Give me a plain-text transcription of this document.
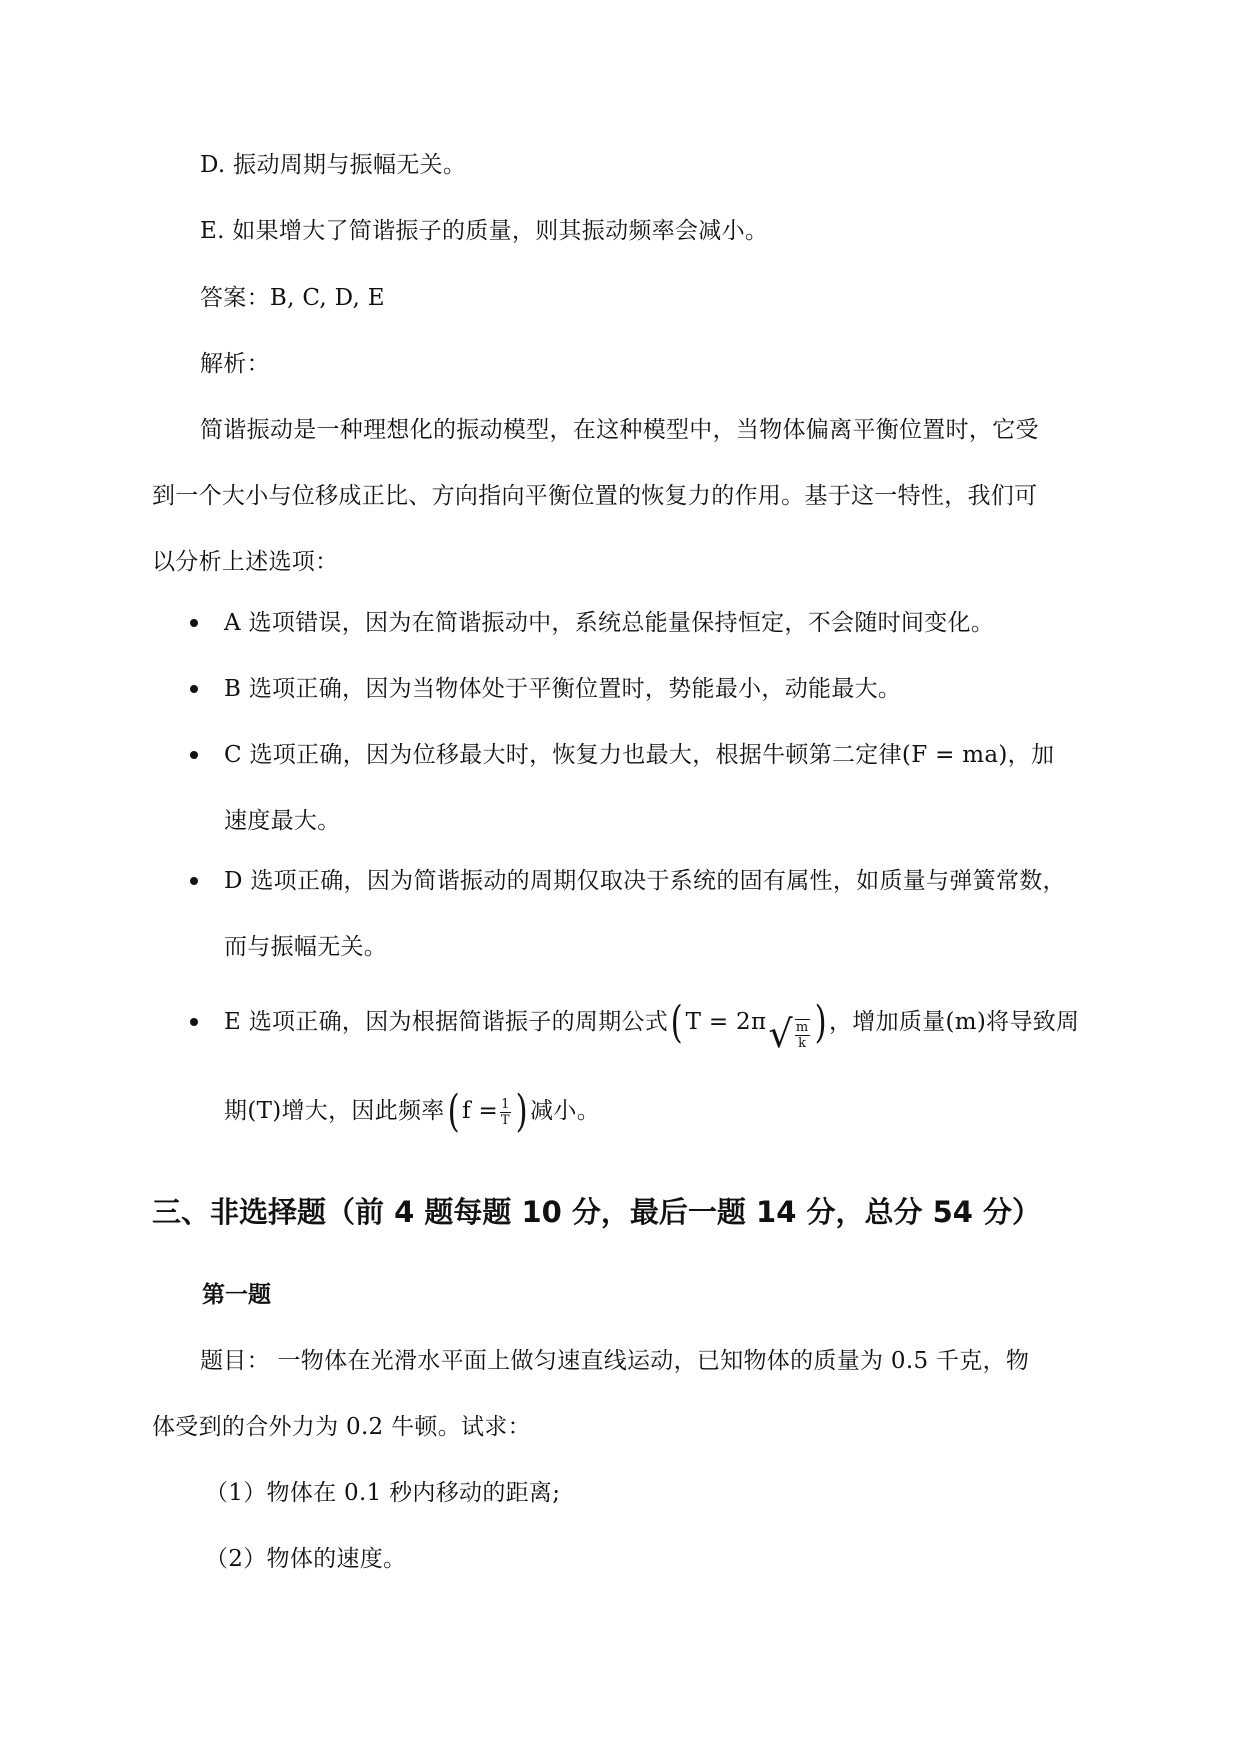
D. 振动周期与振幅无关。
E. 如果增大了简谐振子的质量，则其振动频率会减小。
答案：B, C, D, E
解析：
简谐振动是一种理想化的振动模型，在这种模型中，当物体偏离平衡位置时，它受
到一个大小与位移成正比、方向指向平衡位置的恢复力的作用。基于这一特性，我们可
以分析上述选项：
A 选项错误，因为在简谐振动中，系统总能量保持恒定，不会随时间变化。
B 选项正确，因为当物体处于平衡位置时，势能最小，动能最大。
C 选项正确，因为位移最大时，恢复力也最大，根据牛顿第二定律(F = ma)，加
速度最大。
D 选项正确，因为简谐振动的周期仅取决于系统的固有属性，如质量与弹簧常数，
而与振幅无关。
E 选项正确，因为根据简谐振子的周期公式( $T = 2\pi√ \frac{m}{k}$ ) ，增加质量(m)将导致周
期(T)增大，因此频率( $f = \frac{1}{T}$ ) 减小。
三、非选择题（前 4 题每题 10 分，最后一题 14 分，总分 54 分）
第一题
题目： 一物体在光滑水平面上做匀速直线运动，已知物体的质量为 0.5 千克，物
体受到的合外力为 0.2 牛顿。试求：
（1）物体在 0.1 秒内移动的距离;
（2）物体的速度。
